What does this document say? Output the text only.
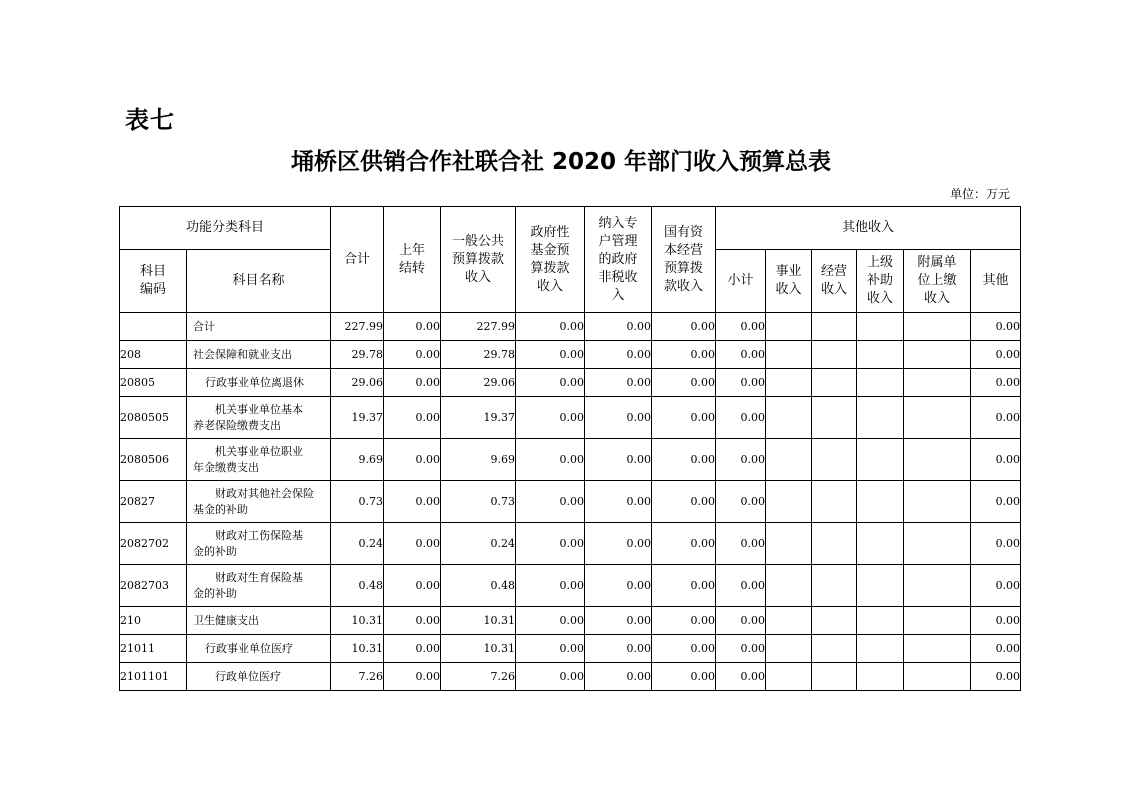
表七
埇桥区供销合作社联合社 2020 年部门收入预算总表
单位：万元
功能分类科目		合计	上年结转	一般公共预算拨款收入	政府性基金预算拨款收入	纳入专户管理的政府非税收入	国有资本经营预算拨款收入	其他收入					
科目编码	科目名称							小计	事业收入	经营收入	上级补助收入	附属单位上缴收入	其他
	合计	227.99	0.00	227.99	0.00	0.00	0.00	0.00					0.00
208	社会保障和就业支出	29.78	0.00	29.78	0.00	0.00	0.00	0.00					0.00
20805	行政事业单位离退休	29.06	0.00	29.06	0.00	0.00	0.00	0.00					0.00
2080505	机关事业单位基本
养老保险缴费支出	19.37	0.00	19.37	0.00	0.00	0.00	0.00					0.00
2080506	机关事业单位职业
年金缴费支出	9.69	0.00	9.69	0.00	0.00	0.00	0.00					0.00
20827	财政对其他社会保险
基金的补助	0.73	0.00	0.73	0.00	0.00	0.00	0.00					0.00
2082702	财政对工伤保险基
金的补助	0.24	0.00	0.24	0.00	0.00	0.00	0.00					0.00
2082703	财政对生育保险基
金的补助	0.48	0.00	0.48	0.00	0.00	0.00	0.00					0.00
210	卫生健康支出	10.31	0.00	10.31	0.00	0.00	0.00	0.00					0.00
21011	行政事业单位医疗	10.31	0.00	10.31	0.00	0.00	0.00	0.00					0.00
2101101	行政单位医疗	7.26	0.00	7.26	0.00	0.00	0.00	0.00					0.00
